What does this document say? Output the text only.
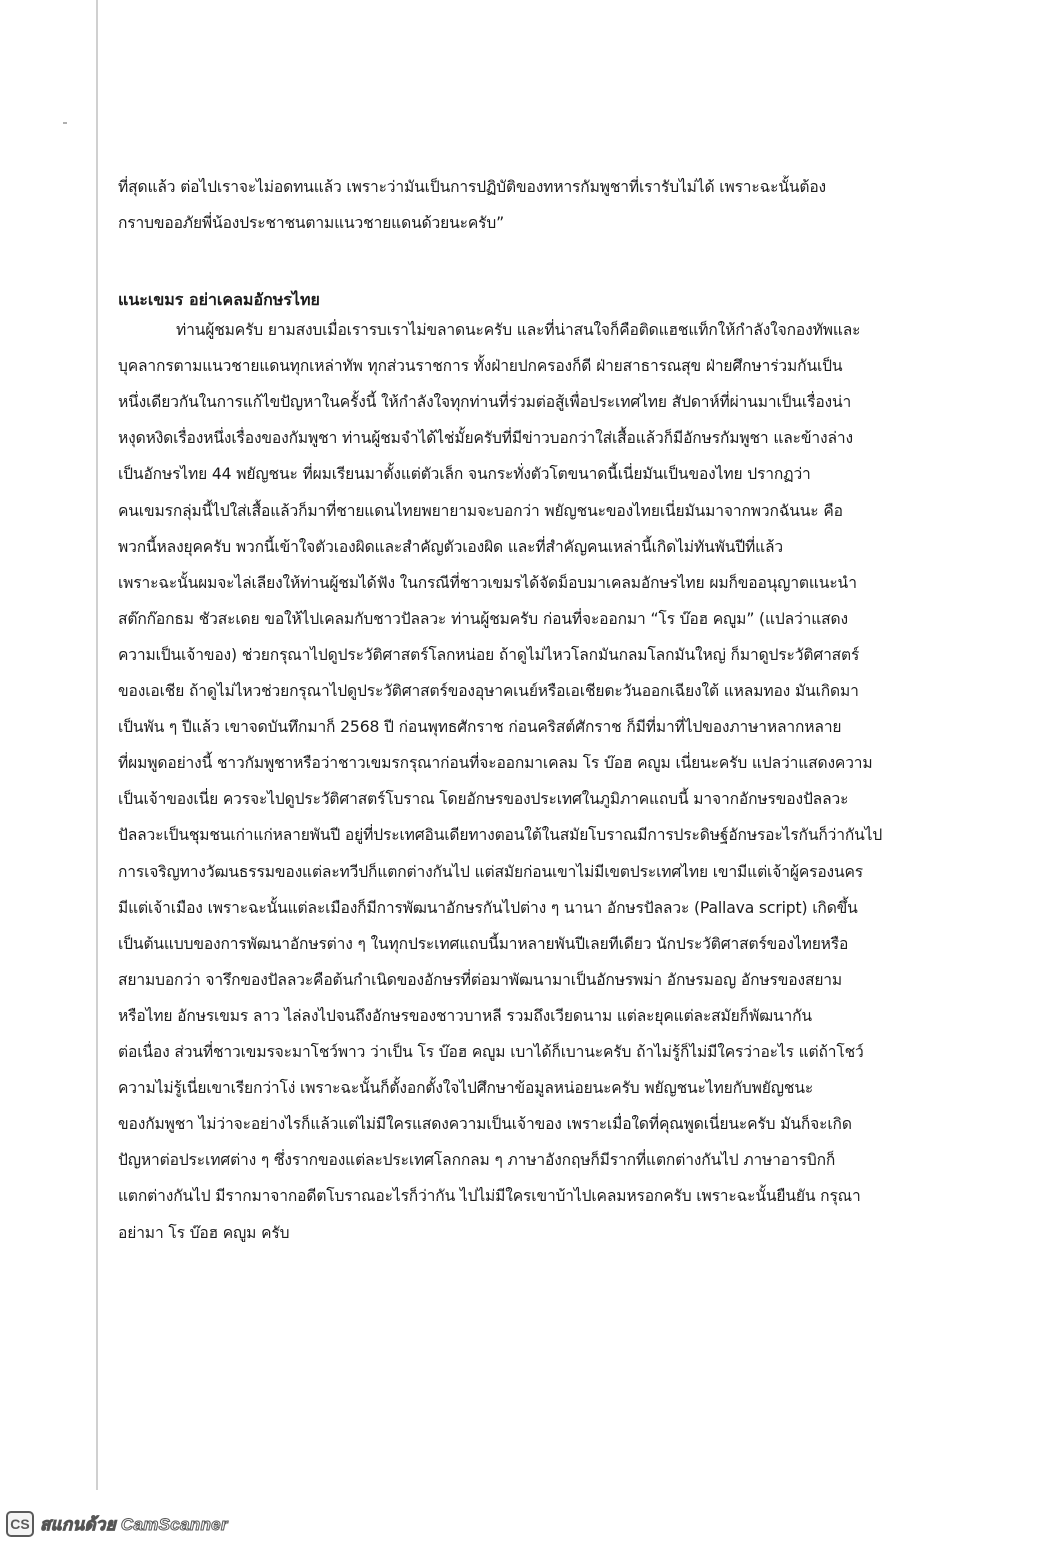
ที่สุดแล้ว ต่อไปเราจะไม่อดทนแล้ว เพราะว่ามันเป็นการปฏิบัติของทหารกัมพูชาที่เรารับไม่ได้ เพราะฉะนั้นต้อง
กราบขออภัยพี่น้องประชาชนตามแนวชายแดนด้วยนะครับ”
แนะเขมร อย่าเคลมอักษรไทย
ท่านผู้ชมครับ ยามสงบเมื่อเรารบเราไม่ขลาดนะครับ และที่น่าสนใจก็คือติดแฮชแท็กให้กำลังใจกองทัพและ
บุคลากรตามแนวชายแดนทุกเหล่าทัพ ทุกส่วนราชการ ทั้งฝ่ายปกครองก็ดี ฝ่ายสาธารณสุข ฝ่ายศึกษาร่วมกันเป็น
หนึ่งเดียวกันในการแก้ไขปัญหาในครั้งนี้ ให้กำลังใจทุกท่านที่ร่วมต่อสู้เพื่อประเทศไทย สัปดาห์ที่ผ่านมาเป็นเรื่องน่า
หงุดหงิดเรื่องหนึ่งเรื่องของกัมพูชา ท่านผู้ชมจำได้ไช่มั้ยครับที่มีข่าวบอกว่าใส่เสื้อแล้วก็มีอักษรกัมพูชา และข้างล่าง
เป็นอักษรไทย 44 พยัญชนะ ที่ผมเรียนมาตั้งแต่ตัวเล็ก จนกระทั่งตัวโตขนาดนี้เนี่ยมันเป็นของไทย ปรากฏว่า
คนเขมรกลุ่มนี้ไปใส่เสื้อแล้วก็มาที่ชายแดนไทยพยายามจะบอกว่า พยัญชนะของไทยเนี่ยมันมาจากพวกฉันนะ คือ
พวกนี้หลงยุคครับ พวกนี้เข้าใจตัวเองผิดและสำคัญตัวเองผิด และที่สำคัญคนเหล่านี้เกิดไม่ทันพันปีที่แล้ว
เพราะฉะนั้นผมจะไล่เลียงให้ท่านผู้ชมได้ฟัง ในกรณีที่ชาวเขมรได้จัดม็อบมาเคลมอักษรไทย ผมก็ขออนุญาตแนะนำ
สต๊กก๊อกธม ชัวสะเดย ขอให้ไปเคลมกับชาวปัลลวะ ท่านผู้ชมครับ ก่อนที่จะออกมา “โร บ๊อฮ คญูม” (แปลว่าแสดง
ความเป็นเจ้าของ) ช่วยกรุณาไปดูประวัติศาสตร์โลกหน่อย ถ้าดูไม่ไหวโลกมันกลมโลกมันใหญ่ ก็มาดูประวัติศาสตร์
ของเอเชีย ถ้าดูไม่ไหวช่วยกรุณาไปดูประวัติศาสตร์ของอุษาคเนย์หรือเอเชียตะวันออกเฉียงใต้ แหลมทอง มันเกิดมา
เป็นพัน ๆ ปีแล้ว เขาจดบันทึกมาก็ 2568 ปี ก่อนพุทธศักราช ก่อนคริสต์ศักราช ก็มีที่มาที่ไปของภาษาหลากหลาย
ที่ผมพูดอย่างนี้ ชาวกัมพูชาหรือว่าชาวเขมรกรุณาก่อนที่จะออกมาเคลม โร บ๊อฮ คญูม เนี่ยนะครับ แปลว่าแสดงความ
เป็นเจ้าของเนี่ย ควรจะไปดูประวัติศาสตร์โบราณ โดยอักษรของประเทศในภูมิภาคแถบนี้ มาจากอักษรของปัลลวะ
ปัลลวะเป็นชุมชนเก่าแก่หลายพันปี อยู่ที่ประเทศอินเดียทางตอนใต้ในสมัยโบราณมีการประดิษฐ์อักษรอะไรกันก็ว่ากันไป
การเจริญทางวัฒนธรรมของแต่ละทวีปก็แตกต่างกันไป แต่สมัยก่อนเขาไม่มีเขตประเทศไทย เขามีแต่เจ้าผู้ครองนคร
มีแต่เจ้าเมือง เพราะฉะนั้นแต่ละเมืองก็มีการพัฒนาอักษรกันไปต่าง ๆ นานา อักษรปัลลวะ (Pallava script) เกิดขึ้น
เป็นต้นแบบของการพัฒนาอักษรต่าง ๆ ในทุกประเทศแถบนี้มาหลายพันปีเลยทีเดียว นักประวัติศาสตร์ของไทยหรือ
สยามบอกว่า จารึกของปัลลวะคือต้นกำเนิดของอักษรที่ต่อมาพัฒนามาเป็นอักษรพม่า อักษรมอญ อักษรของสยาม
หรือไทย อักษรเขมร ลาว ไล่ลงไปจนถึงอักษรของชาวบาหลี รวมถึงเวียดนาม แต่ละยุคแต่ละสมัยก็พัฒนากัน
ต่อเนื่อง ส่วนที่ชาวเขมรจะมาโชว์พาว ว่าเป็น โร บ๊อฮ คญูม เบาได้ก็เบานะครับ ถ้าไม่รู้ก็ไม่มีใครว่าอะไร แต่ถ้าโชว์
ความไม่รู้เนี่ยเขาเรียกว่าโง่ เพราะฉะนั้นก็ตั้งอกตั้งใจไปศึกษาข้อมูลหน่อยนะครับ พยัญชนะไทยกับพยัญชนะ
ของกัมพูชา ไม่ว่าจะอย่างไรก็แล้วแต่ไม่มีใครแสดงความเป็นเจ้าของ เพราะเมื่อใดที่คุณพูดเนี่ยนะครับ มันก็จะเกิด
ปัญหาต่อประเทศต่าง ๆ ซึ่งรากของแต่ละประเทศโลกกลม ๆ ภาษาอังกฤษก็มีรากที่แตกต่างกันไป ภาษาอารบิกก็
แตกต่างกันไป มีรากมาจากอดีตโบราณอะไรก็ว่ากัน ไปไม่มีใครเขาบ้าไปเคลมหรอกครับ เพราะฉะนั้นยืนยัน กรุณา
อย่ามา โร บ๊อฮ คญูม ครับ
CS สแกนด้วย CamScanner
